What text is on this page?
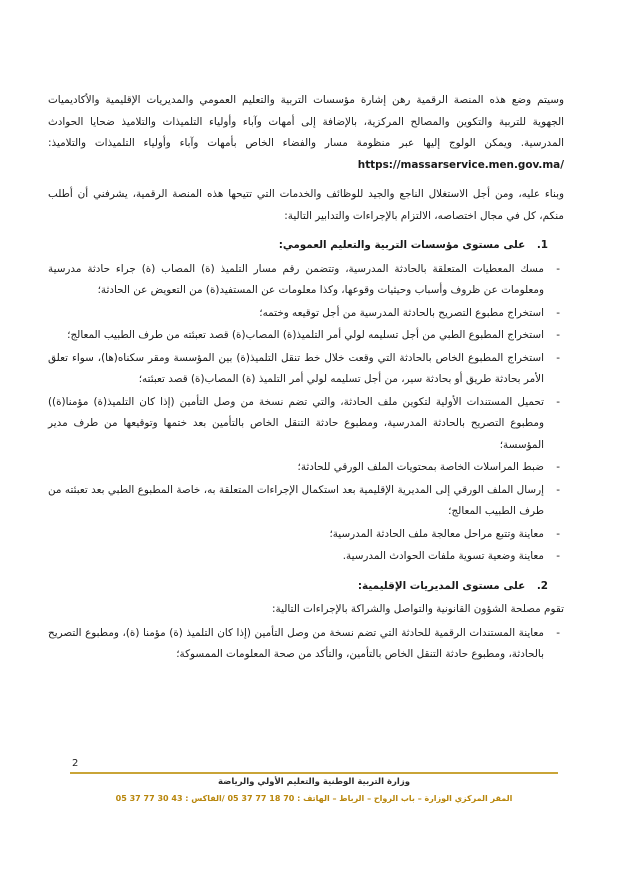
وسيتم وضع هذه المنصة الرقمية رهن إشارة مؤسسات التربية والتعليم العمومي والمديريات الإقليمية والأكاديميات الجهوية للتربية والتكوين والمصالح المركزية، بالإضافة إلى أمهات وآباء وأولياء التلميذات والتلاميذ ضحايا الحوادث المدرسية. ويمكن الولوج إليها عبر منظومة مسار والفضاء الخاص بأمهات وآباء وأولياء التلميذات والتلاميذ: https://massarservice.men.gov.ma/

وبناء عليه، ومن أجل الاستغلال الناجع والجيد للوظائف والخدمات التي تتيحها هذه المنصة الرقمية، يشرفني أن أطلب منكم، كل في مجال اختصاصه، الالتزام بالإجراءات والتدابير التالية:

1. على مستوى مؤسسات التربية والتعليم العمومي:
-
مسك المعطيات المتعلقة بالحادثة المدرسية، وتتضمن رقم مسار التلميذ (ة) المصاب (ة) جراء حادثة مدرسية ومعلومات عن ظروف وأسباب وحيثيات وقوعها، وكذا معلومات عن المستفيد(ة) من التعويض عن الحادثة؛
-
استخراج مطبوع التصريح بالحادثة المدرسية من أجل توقيعه وختمه؛
-
استخراج المطبوع الطبي من أجل تسليمه لولي أمر التلميذ(ة) المصاب(ة) قصد تعبئته من طرف الطبيب المعالج؛
-
استخراج المطبوع الخاص بالحادثة التي وقعت خلال خط تنقل التلميذ(ة) بين المؤسسة ومقر سكناه(ها)، سواء تعلق الأمر بحادثة طريق أو بحادثة سير، من أجل تسليمه لولي أمر التلميذ (ة) المصاب(ة) قصد تعبئته؛
-
تحميل المستندات الأولية لتكوين ملف الحادثة، والتي تضم نسخة من وصل التأمين (إذا كان التلميذ(ة) مؤمنا(ة)) ومطبوع التصريح بالحادثة المدرسية، ومطبوع حادثة التنقل الخاص بالتأمين بعد ختمها وتوقيعها من طرف مدير المؤسسة؛
-
ضبط المراسلات الخاصة بمحتويات الملف الورقي للحادثة؛
-
إرسال الملف الورقي إلى المديرية الإقليمية بعد استكمال الإجراءات المتعلقة به، خاصة المطبوع الطبي بعد تعبئته من طرف الطبيب المعالج؛
-
معاينة وتتبع مراحل معالجة ملف الحادثة المدرسية؛
-
معاينة وضعية تسوية ملفات الحوادث المدرسية.
2. على مستوى المديريات الإقليمية:

تقوم مصلحة الشؤون القانونية والتواصل والشراكة بالإجراءات التالية:

-
معاينة المستندات الرقمية للحادثة التي تضم نسخة من وصل التأمين (إذا كان التلميذ (ة) مؤمنا (ة)، ومطبوع التصريح بالحادثة، ومطبوع حادثة التنقل الخاص بالتأمين، والتأكد من صحة المعلومات الممسوكة؛
2
وزارة التربية الوطنية والتعليم الأولي والرياضة
المقر المركزي الوزارة – باب الرواح – الرباط – الهاتف : 70 18 77 37 05 /الفاكس : 43 30 77 37 05
